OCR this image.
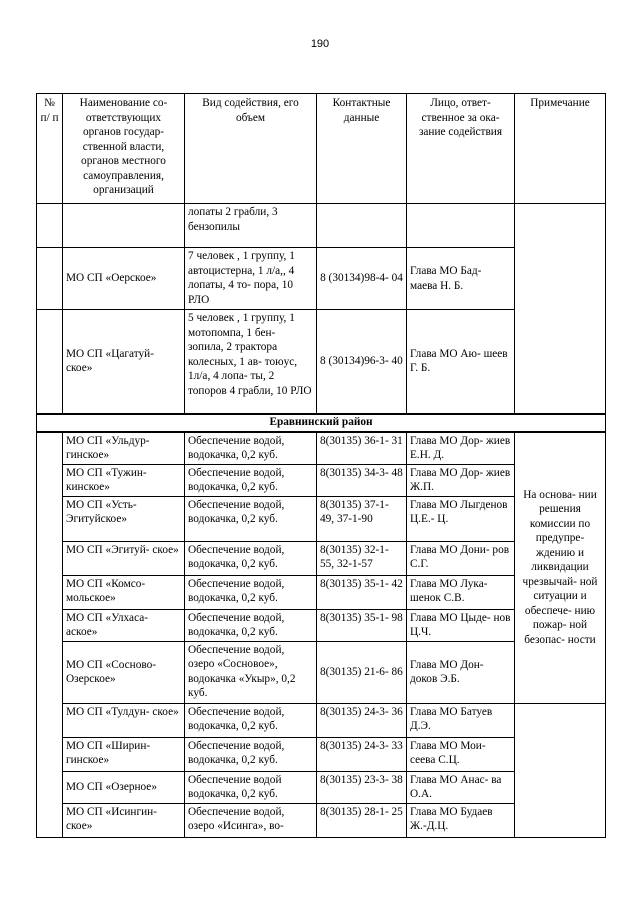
190
№ п/ п	Наименование со- ответствующих органов государ- ственной власти, органов местного самоуправления, организаций	Вид содействия, его объем	Контактные данные	Лицо, ответ- ственное за ока- зание содействия	Примечание
		лопаты 2 грабли, 3 бензопилы			
	МО СП «Оерское»	7 человек , 1 группу, 1 автоцистерна, 1 л/а,, 4 лопаты, 4 то- пора, 10 РЛО	8 (30134)98-4- 04	Глава МО Бад- маева Н. Б.	
	МО СП «Цагатуй- ское»	5 человек , 1 группу, 1 мотопомпа, 1 бен- зопила, 2 трактора колесных, 1 ав- тоюус, 1л/а, 4 лопа- ты, 2 топоров 4 грабли, 10 РЛО	8 (30134)96-3- 40	Глава МО Аю- шеев Г. Б.	
Еравнинский район					
	МО СП «Ульдур- гинское»	Обеспечение водой, водокачка, 0,2 куб.	8(30135) 36-1- 31	Глава МО Дор- жиев Е.Н. Д.	На основа- нии решения комиссии по предупре- ждению и ликвидации чрезвычай- ной ситуации и обеспече- нию пожар- ной безопас- ности
	МО СП «Тужин- кинское»	Обеспечение водой, водокачка, 0,2 куб.	8(30135) 34-3- 48	Глава МО Дор- жиев Ж.П.	
	МО СП «Усть- Эгитуйское»	Обеспечение водой, водокачка, 0,2 куб.	8(30135) 37-1- 49, 37-1-90	Глава МО Лыгденов Ц.Е.- Ц.	
	МО СП «Эгитуй- ское»	Обеспечение водой, водокачка, 0,2 куб.	8(30135) 32-1- 55, 32-1-57	Глава МО Дони- ров С.Г.	
	МО СП «Комсо- мольское»	Обеспечение водой, водокачка, 0,2 куб.	8(30135) 35-1- 42	Глава МО Лука- шенок С.В.	
	МО СП «Улхаса- аское»	Обеспечение водой, водокачка, 0,2 куб.	8(30135) 35-1- 98	Глава МО Цыде- нов Ц.Ч.	
	МО СП «Сосново- Озерское»	Обеспечение водой, озеро «Сосновое», водокачка «Укыр», 0,2 куб.	8(30135) 21-6- 86	Глава МО Дон- доков Э.Б.	
	МО СП «Тулдун- ское»	Обеспечение водой, водокачка, 0,2 куб.	8(30135) 24-3- 36	Глава МО Батуев Д.Э.	
	МО СП «Ширин- гинское»	Обеспечение водой, водокачка, 0,2 куб.	8(30135) 24-3- 33	Глава МО Мои- сеева С.Ц.	
	МО СП «Озерное»	Обеспечение водой водокачка, 0,2 куб.	8(30135) 23-3- 38	Глава МО Анас- ва О.А.	
	МО СП «Исингин- ское»	Обеспечение водой, озеро «Исинга», во-	8(30135) 28-1- 25	Глава МО Будаев Ж.-Д.Ц.	
